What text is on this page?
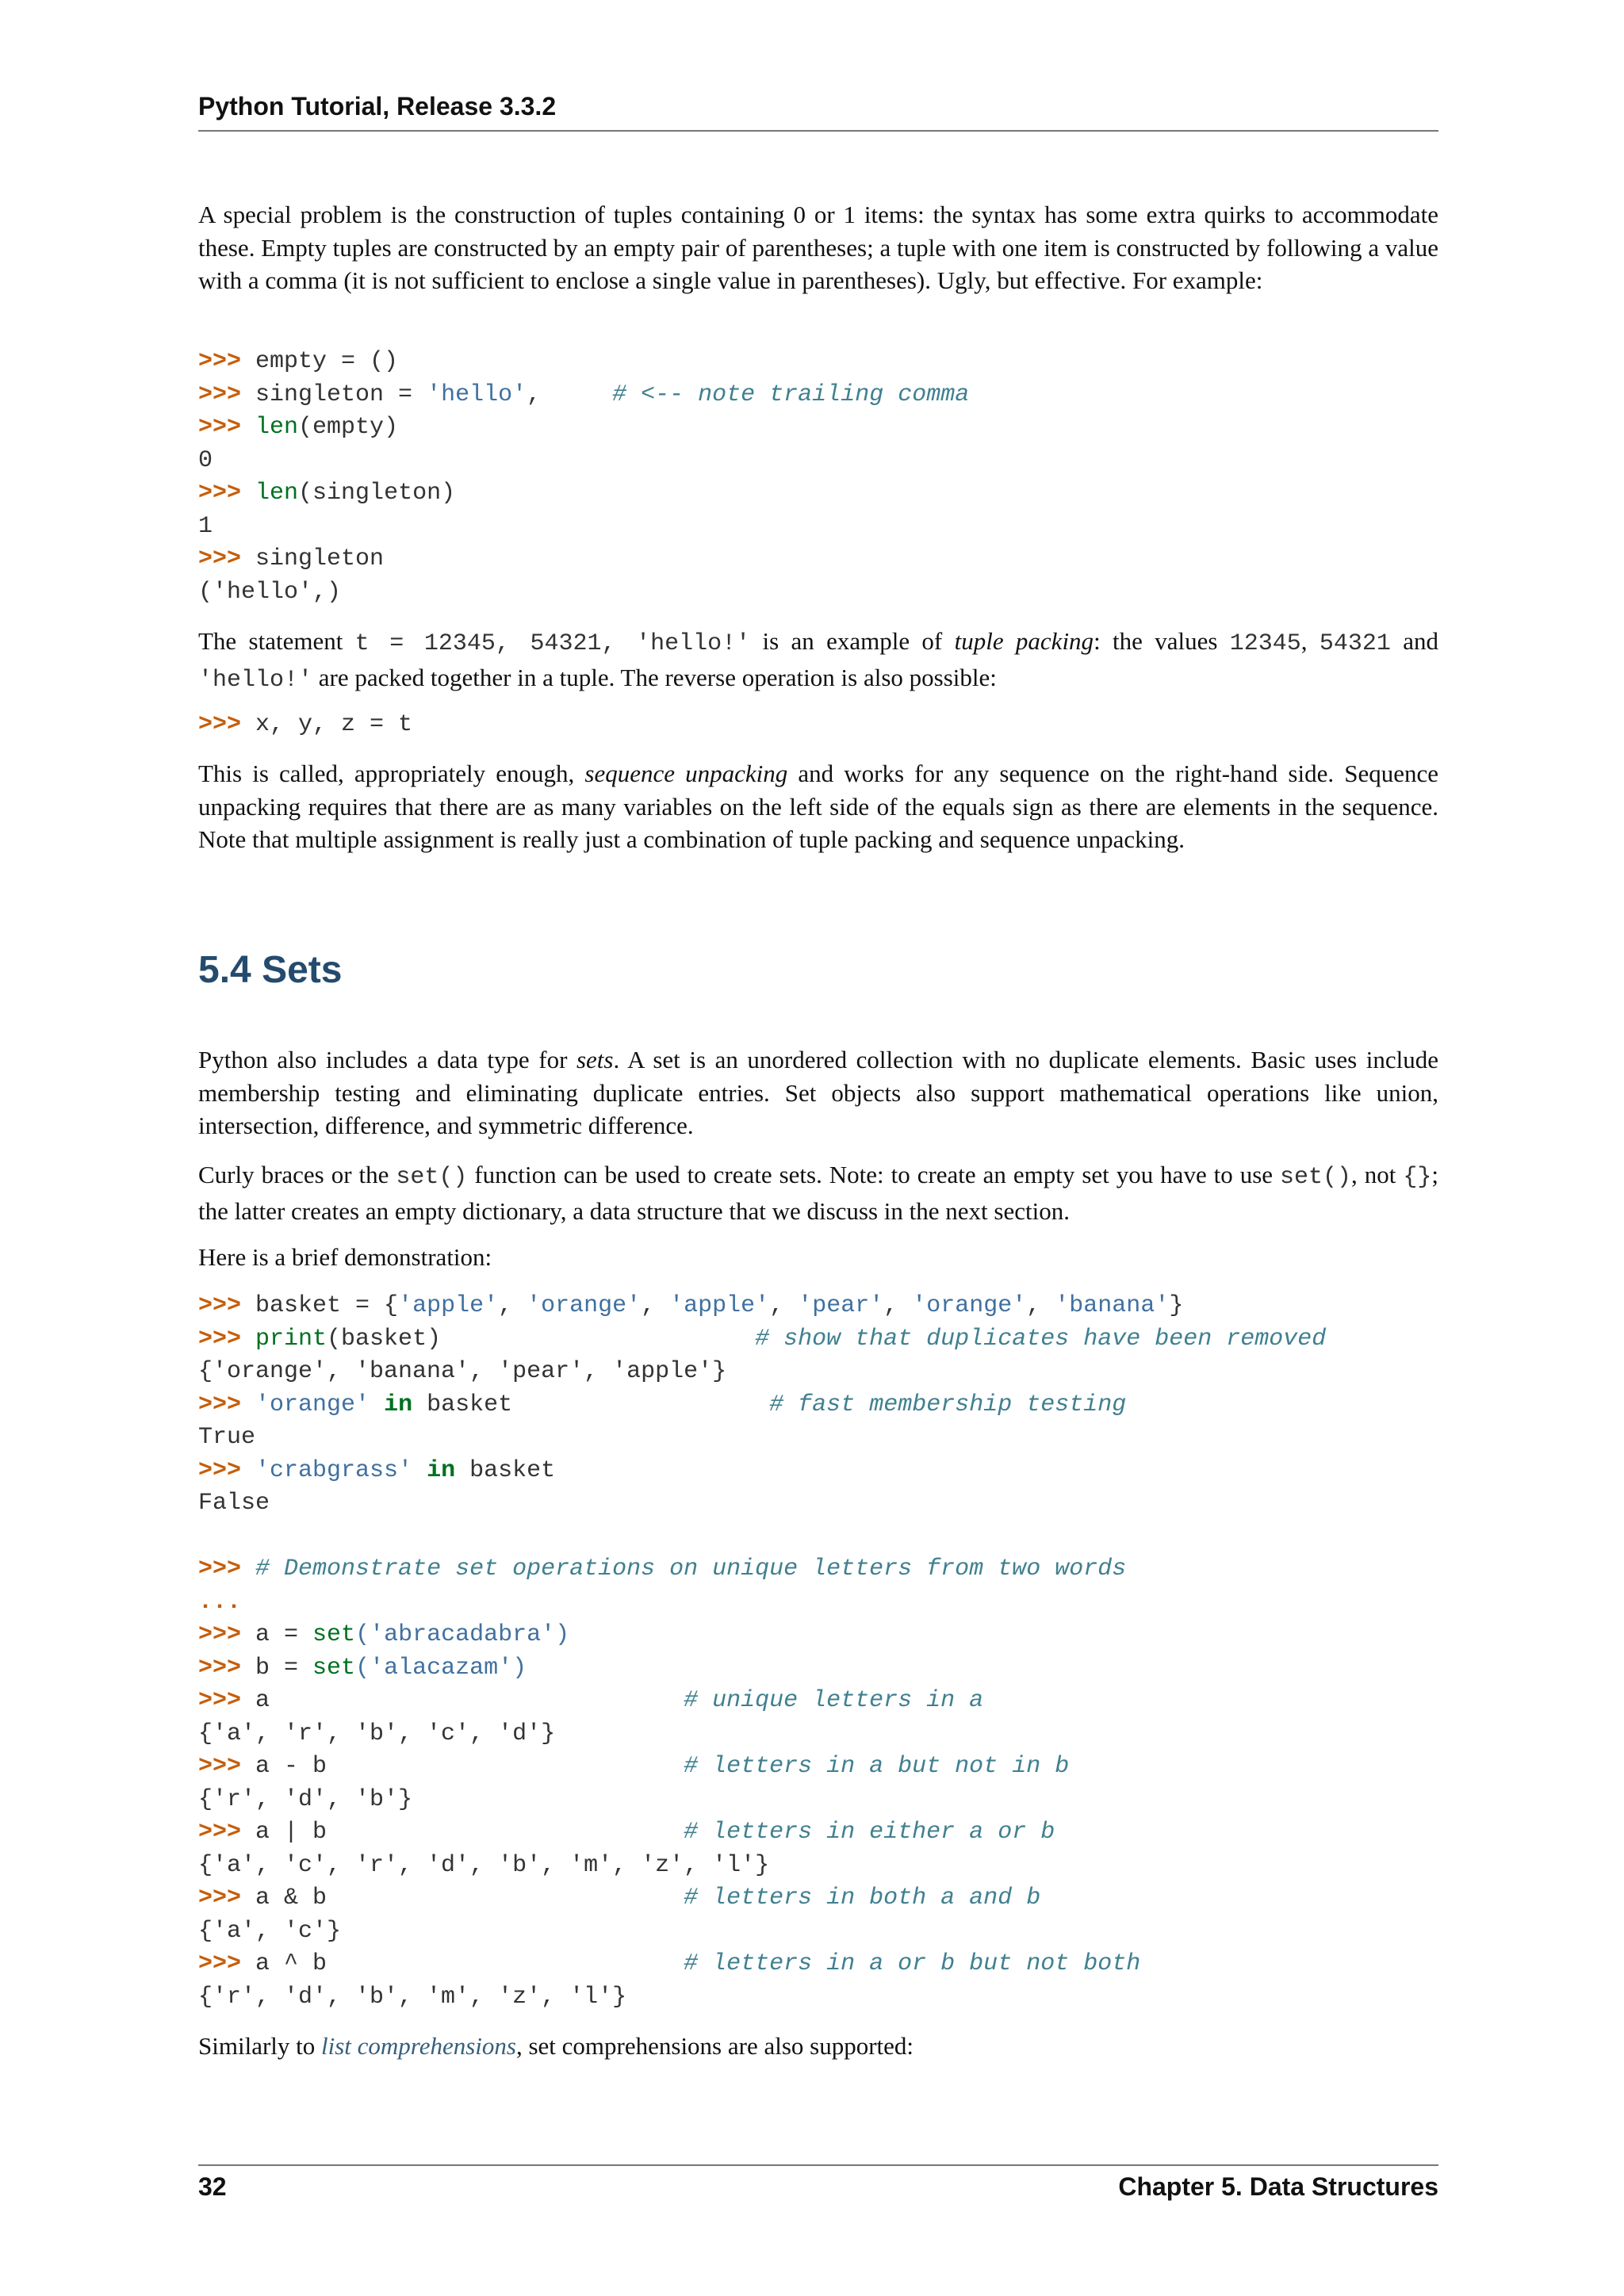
Python Tutorial, Release 3.3.2

A special problem is the construction of tuples containing 0 or 1 items: the syntax has some extra quirks to accommodate these. Empty tuples are constructed by an empty pair of parentheses; a tuple with one item is constructed by following a value with a comma (it is not sufficient to enclose a single value in parentheses). Ugly, but effective. For example:

>>> empty = ()
>>> singleton = 'hello',     # <-- note trailing comma
>>> len(empty)
0
>>> len(singleton)
1
>>> singleton
('hello',)

The statement t = 12345, 54321, 'hello!' is an example of tuple packing: the values 12345, 54321 and 'hello!' are packed together in a tuple. The reverse operation is also possible:

>>> x, y, z = t

This is called, appropriately enough, sequence unpacking and works for any sequence on the right-hand side. Sequence unpacking requires that there are as many variables on the left side of the equals sign as there are elements in the sequence. Note that multiple assignment is really just a combination of tuple packing and sequence unpacking.

5.4 Sets

Python also includes a data type for sets. A set is an unordered collection with no duplicate elements. Basic uses include membership testing and eliminating duplicate entries. Set objects also support mathematical operations like union, intersection, difference, and symmetric difference.

Curly braces or the set() function can be used to create sets. Note: to create an empty set you have to use set(), not {}; the latter creates an empty dictionary, a data structure that we discuss in the next section.

Here is a brief demonstration:

>>> basket = {'apple', 'orange', 'apple', 'pear', 'orange', 'banana'}
>>> print(basket)                      # show that duplicates have been removed
{'orange', 'banana', 'pear', 'apple'}
>>> 'orange' in basket                  # fast membership testing
True
>>> 'crabgrass' in basket
False

>>> # Demonstrate set operations on unique letters from two words
...
>>> a = set('abracadabra')
>>> b = set('alacazam')
>>> a                             # unique letters in a
{'a', 'r', 'b', 'c', 'd'}
>>> a - b                         # letters in a but not in b
{'r', 'd', 'b'}
>>> a | b                         # letters in either a or b
{'a', 'c', 'r', 'd', 'b', 'm', 'z', 'l'}
>>> a & b                         # letters in both a and b
{'a', 'c'}
>>> a ^ b                         # letters in a or b but not both
{'r', 'd', 'b', 'm', 'z', 'l'}

Similarly to list comprehensions, set comprehensions are also supported:

32	Chapter 5. Data Structures
